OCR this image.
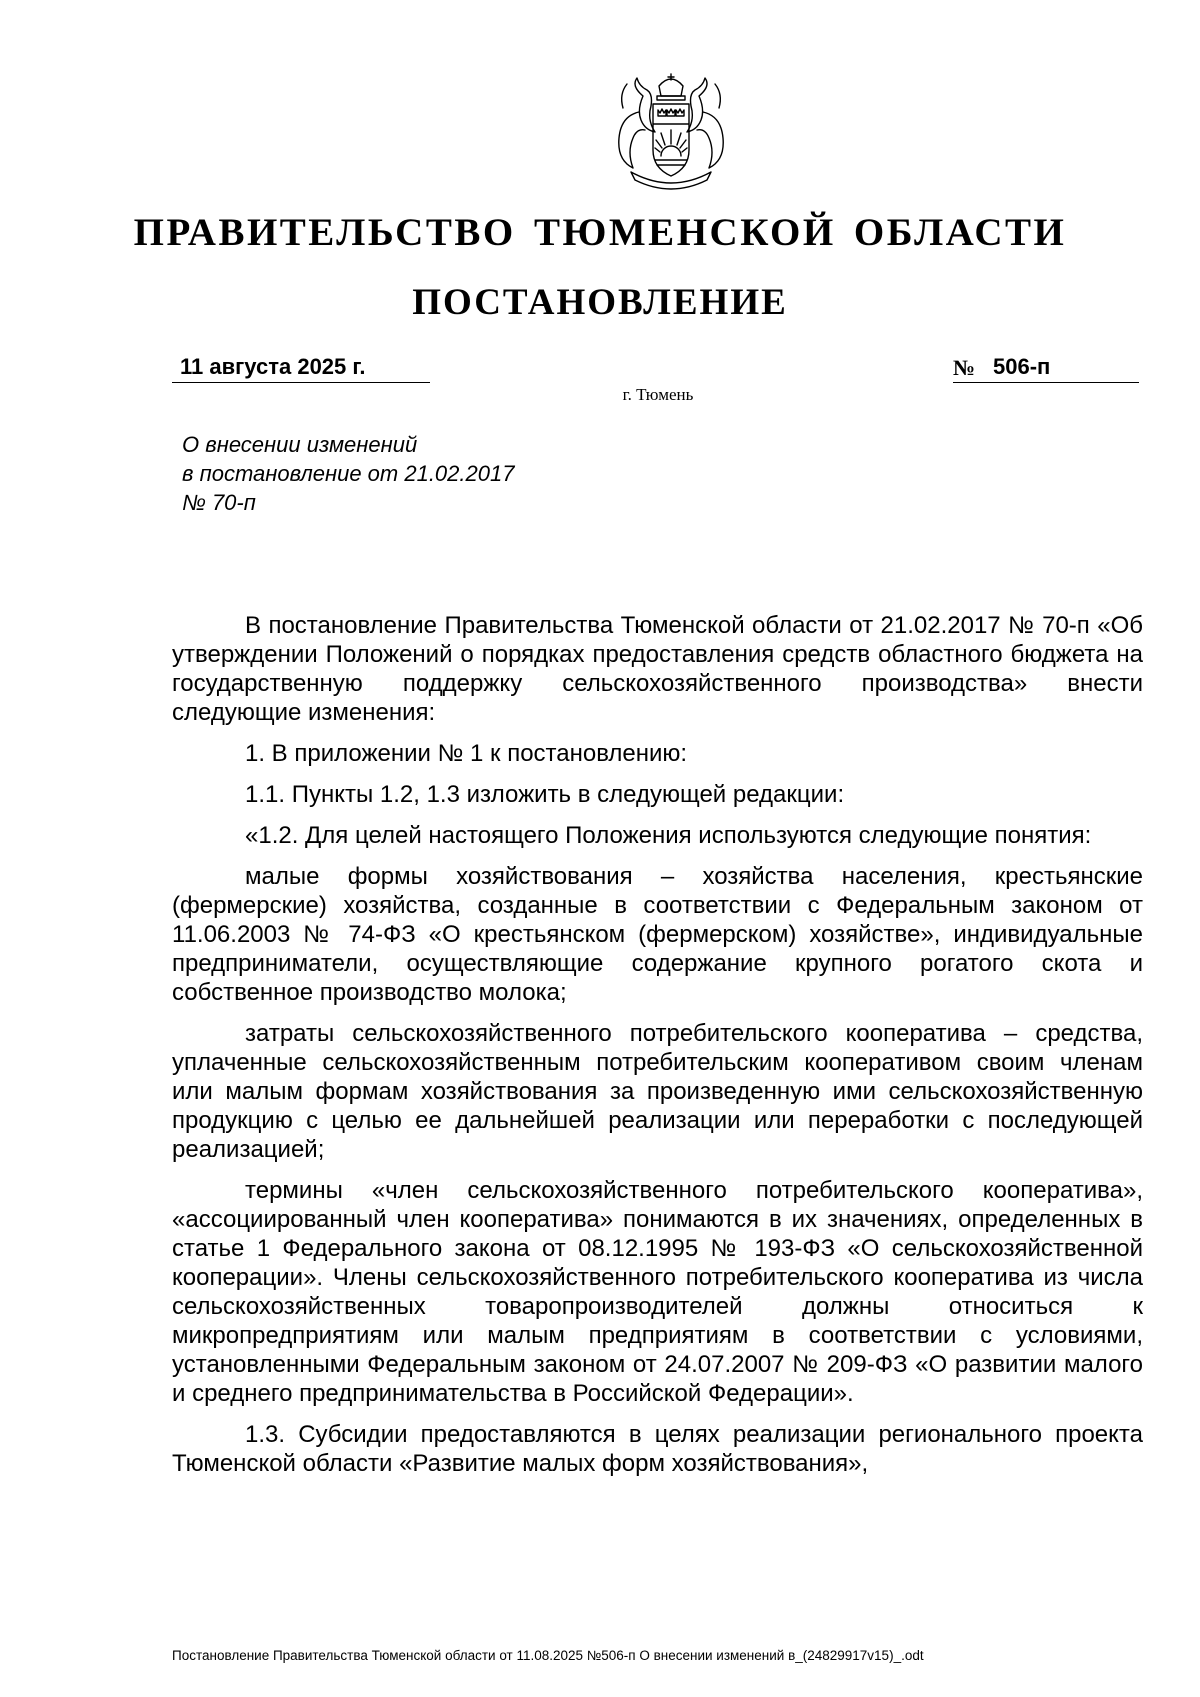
ПРАВИТЕЛЬСТВО ТЮМЕНСКОЙ ОБЛАСТИ
ПОСТАНОВЛЕНИЕ
11 августа 2025 г.	№ 506-п
г. Тюмень
О внесении изменений
в постановление от 21.02.2017
№ 70-п

В постановление Правительства Тюменской области от 21.02.2017 № 70-п «Об утверждении Положений о порядках предоставления средств областного бюджета на государственную поддержку сельскохозяйственного производства» внести следующие изменения:

1. В приложении № 1 к постановлению:

1.1. Пункты 1.2, 1.3 изложить в следующей редакции:

«1.2. Для целей настоящего Положения используются следующие понятия:

малые формы хозяйствования – хозяйства населения, крестьянские (фермерские) хозяйства, созданные в соответствии с Федеральным законом от 11.06.2003 № 74-ФЗ «О крестьянском (фермерском) хозяйстве», индивидуальные предприниматели, осуществляющие содержание крупного рогатого скота и собственное производство молока;

затраты сельскохозяйственного потребительского кооператива – средства, уплаченные сельскохозяйственным потребительским кооперативом своим членам или малым формам хозяйствования за произведенную ими сельскохозяйственную продукцию с целью ее дальнейшей реализации или переработки с последующей реализацией;

термины «член сельскохозяйственного потребительского кооператива», «ассоциированный член кооператива» понимаются в их значениях, определенных в статье 1 Федерального закона от 08.12.1995 № 193-ФЗ «О сельскохозяйственной кооперации». Члены сельскохозяйственного потребительского кооператива из числа сельскохозяйственных товаропроизводителей должны относиться к микропредприятиям или малым предприятиям в соответствии с условиями, установленными Федеральным законом от 24.07.2007 № 209-ФЗ «О развитии малого и среднего предпринимательства в Российской Федерации».

1.3. Субсидии предоставляются в целях реализации регионального проекта Тюменской области «Развитие малых форм хозяйствования»,

Постановление Правительства Тюменской области от 11.08.2025 №506-п О внесении изменений в_(24829917v15)_.odt
